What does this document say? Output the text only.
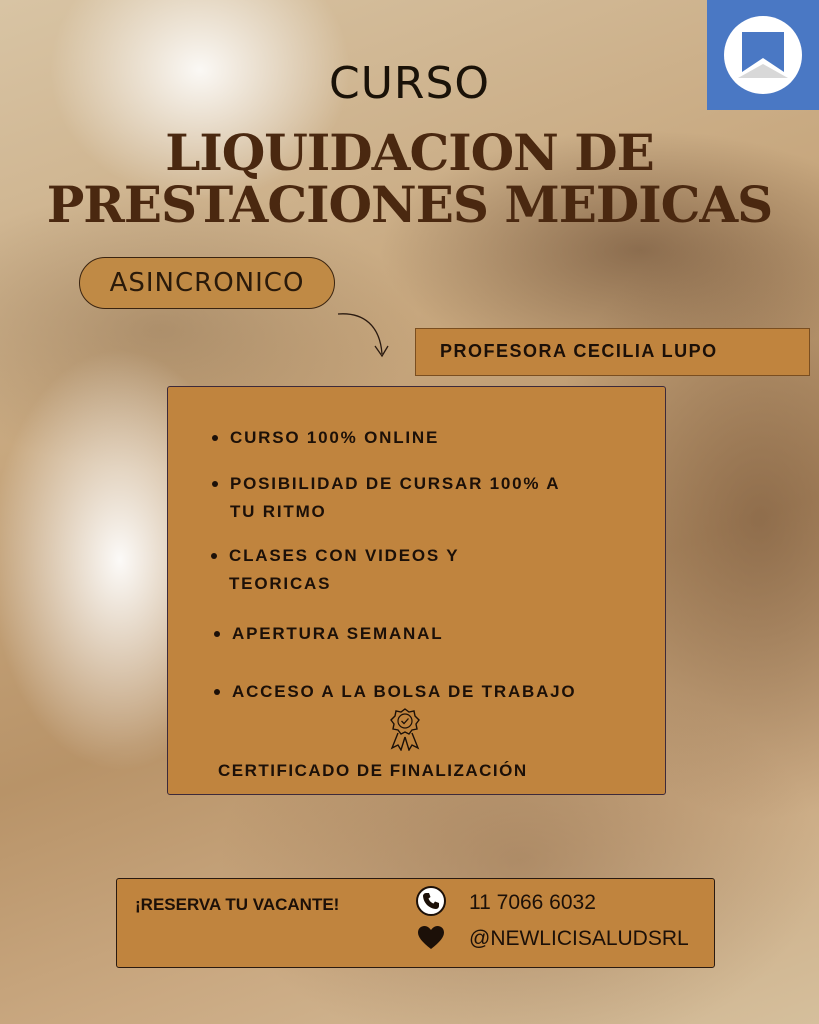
CURSO
LIQUIDACION DE
PRESTACIONES MEDICAS
ASINCRONICO
PROFESORA CECILIA LUPO
CURSO 100% ONLINE
POSIBILIDAD DE CURSAR 100% A
TU RITMO
CLASES CON VIDEOS Y
TEORICAS
APERTURA SEMANAL
ACCESO A LA BOLSA DE TRABAJO
CERTIFICADO DE FINALIZACIÓN
¡RESERVA TU VACANTE!	11 7066 6032
@NEWLICISALUDSRL
